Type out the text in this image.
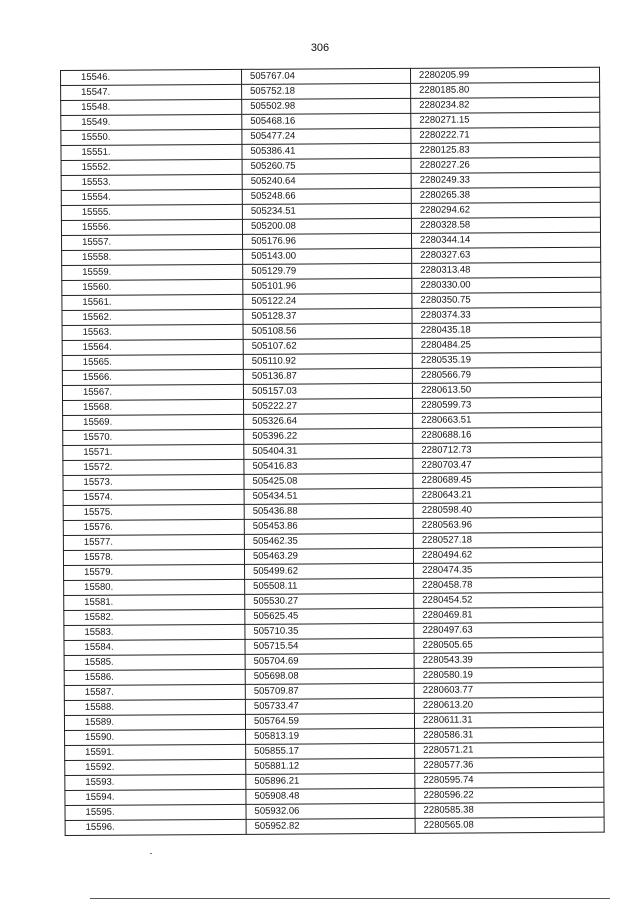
306
15546.	505767.04	2280205.99
15547.	505752.18	2280185.80
15548.	505502.98	2280234.82
15549.	505468.16	2280271.15
15550.	505477.24	2280222.71
15551.	505386.41	2280125.83
15552.	505260.75	2280227.26
15553.	505240.64	2280249.33
15554.	505248.66	2280265.38
15555.	505234.51	2280294.62
15556.	505200.08	2280328.58
15557.	505176.96	2280344.14
15558.	505143.00	2280327.63
15559.	505129.79	2280313.48
15560.	505101.96	2280330.00
15561.	505122.24	2280350.75
15562.	505128.37	2280374.33
15563.	505108.56	2280435.18
15564.	505107.62	2280484.25
15565.	505110.92	2280535.19
15566.	505136.87	2280566.79
15567.	505157.03	2280613.50
15568.	505222.27	2280599.73
15569.	505326.64	2280663.51
15570.	505396.22	2280688.16
15571.	505404.31	2280712.73
15572.	505416.83	2280703.47
15573.	505425.08	2280689.45
15574.	505434.51	2280643.21
15575.	505436.88	2280598.40
15576.	505453.86	2280563.96
15577.	505462.35	2280527.18
15578.	505463.29	2280494.62
15579.	505499.62	2280474.35
15580.	505508.11	2280458.78
15581.	505530.27	2280454.52
15582.	505625.45	2280469.81
15583.	505710.35	2280497.63
15584.	505715.54	2280505.65
15585.	505704.69	2280543.39
15586.	505698.08	2280580.19
15587.	505709.87	2280603.77
15588.	505733.47	2280613.20
15589.	505764.59	2280611.31
15590.	505813.19	2280586.31
15591.	505855.17	2280571.21
15592.	505881.12	2280577.36
15593.	505896.21	2280595.74
15594.	505908.48	2280596.22
15595.	505932.06	2280585.38
15596.	505952.82	2280565.08
